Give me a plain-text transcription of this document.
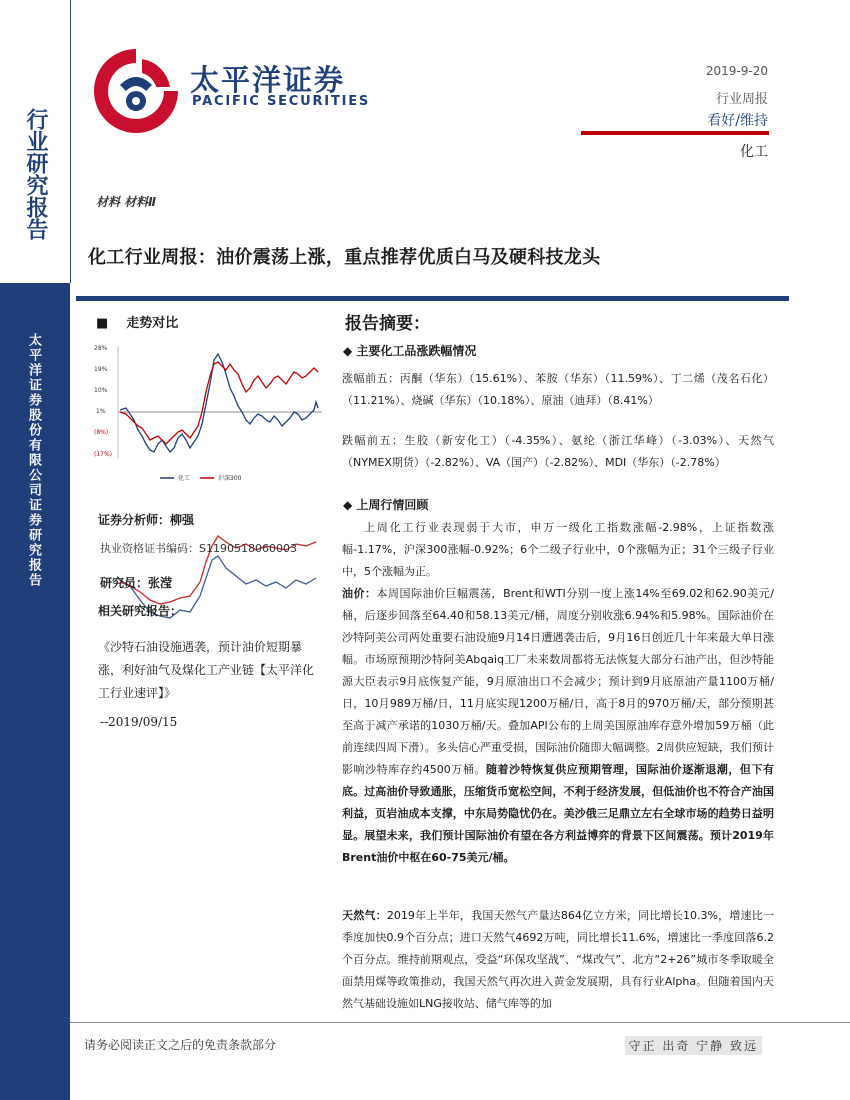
行业研究报告
太平洋证券股份有限公司证券研究报告
太平洋证券
PACIFIC SECURITIES
2019-9-20
行业周报
看好/维持
化工
材料 材料Ⅱ
化工行业周报：油价震荡上涨，重点推荐优质白马及硬科技龙头
■ 走势对比
28%
19%
10%
1%
(8%)
(17%)
化工	沪深300
证券分析师：柳强
执业资格证书编码：S1190518060003
研究员：张滢
相关研究报告：
《沙特石油设施遇袭，预计油价短期暴涨，利好油气及煤化工产业链【太平洋化工行业速评】》
--2019/09/15
报告摘要：
◆ 主要化工品涨跌幅情况
涨幅前五：丙酮（华东）（15.61%）、苯胺（华东）（11.59%）、丁二烯（茂名石化）（11.21%）、烧碱（华东）（10.18%）、原油（迪拜）（8.41%）
跌幅前五：生胶（新安化工）（-4.35%）、氨纶（浙江华峰）（-3.03%）、天然气（NYMEX期货）（-2.82%）、VA（国产）（-2.82%）、MDI（华东）（-2.78%）
◆ 上周行情回顾
上周化工行业表现弱于大市，申万一级化工指数涨幅-2.98%，上证指数涨幅-1.17%，沪深300涨幅-0.92%；6个二级子行业中，0个涨幅为正；31个三级子行业中，5个涨幅为正。
油价：本周国际油价巨幅震荡，Brent和WTI分别一度上涨14%至69.02和62.90美元/桶，后逐步回落至64.40和58.13美元/桶，周度分别收涨6.94%和5.98%。国际油价在沙特阿美公司两处重要石油设施9月14日遭遇袭击后，9月16日创近几十年来最大单日涨幅。市场原预期沙特阿美Abqaiq工厂未来数周都将无法恢复大部分石油产出，但沙特能源大臣表示9月底恢复产能，9月原油出口不会减少；预计到9月底原油产量1100万桶/日，10月989万桶/日，11月底实现1200万桶/日，高于8月的970万桶/天，部分预期甚至高于减产承诺的1030万桶/天。叠加API公布的上周美国原油库存意外增加59万桶（此前连续四周下滑）。多头信心严重受损，国际油价随即大幅调整。2周供应短缺，我们预计影响沙特库存约4500万桶。随着沙特恢复供应预期管理，国际油价逐渐退潮，但下有底。过高油价导致通胀，压缩货币宽松空间，不利于经济发展，但低油价也不符合产油国利益，页岩油成本支撑，中东局势隐忧仍在。美沙俄三足鼎立左右全球市场的趋势日益明显。展望未来，我们预计国际油价有望在各方利益博弈的背景下区间震荡。预计2019年Brent油价中枢在60-75美元/桶。
天然气：2019年上半年，我国天然气产量达864亿立方米，同比增长10.3%，增速比一季度加快0.9个百分点；进口天然气4692万吨，同比增长11.6%，增速比一季度回落6.2个百分点。维持前期观点，受益“环保攻坚战”、“煤改气”、北方“2+26”城市冬季取暖全面禁用煤等政策推动，我国天然气再次进入黄金发展期，具有行业Alpha。但随着国内天然气基础设施如LNG接收站、储气库等的加
请务必阅读正文之后的免责条款部分	守正 出奇 宁静 致远
